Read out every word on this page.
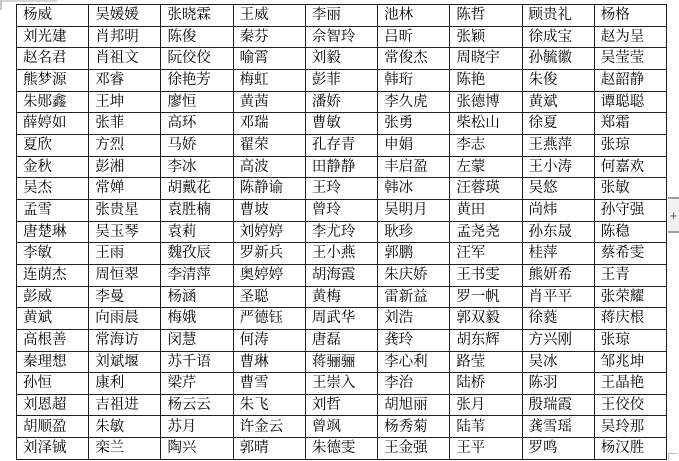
杨威	吴媛媛	张晓霖	王威	李丽	池林	陈哲	顾贵礼	杨格
刘光建	肖邦明	陈俊	秦芬	佘智玲	吕昕	张颖	徐成宝	赵为呈
赵名君	肖祖文	阮佼佼	喻霄	刘毅	常俊杰	周晓宇	孙毓徽	吴莹莹
熊梦源	邓睿	徐艳芳	梅虹	彭菲	韩珩	陈艳	朱俊	赵韶静
朱郧鑫	王坤	廖恒	黄茜	潘娇	李久虎	张德博	黄斌	谭聪聪
薛婷如	张菲	高环	邓瑞	曹敏	张勇	柴松山	徐夏	郑霜
夏欣	方烈	马娇	翟荣	孔存青	申娟	李志	王燕萍	张琼
金秋	彭湘	李冰	高波	田静静	丰启盈	左蒙	王小涛	何嘉欢
吴杰	常婵	胡戴花	陈静谕	王玲	韩冰	汪蓉瑛	吴悠	张敏
孟雪	张贵星	袁胜楠	曹坡	曾玲	吴明月	黄田	尚炜	孙守强
唐楚琳	吴玉琴	袁莉	刘婷婷	李尤玲	耿珍	孟尧尧	孙东晟	陈稳
李敏	王雨	魏孜辰	罗新兵	王小燕	郭鹏	汪军	桂萍	蔡希雯
连荫杰	周恒翠	李清萍	奥婷婷	胡海霞	朱庆娇	王书雯	熊妍希	王青
彭威	李曼	杨涵	圣聪	黄梅	雷新益	罗一帆	肖平平	张荣耀
黄斌	向雨晨	梅娥	严德钰	周武华	刘浩	郭双毅	徐蕤	蒋庆根
高根善	常海访	闵慧	何涛	唐磊	龚玲	胡东辉	方兴刚	张琼
秦理想	刘斌堰	苏千语	曹琳	蒋骊骊	李心利	路莹	吴冰	邹兆坤
孙恒	康利	梁芹	曹雪	王崇入	李治	陆桥	陈羽	王晶艳
刘恩超	吉祖进	杨云云	朱飞	刘哲	胡旭丽	张月	殷瑞霞	王佼佼
胡顺盈	朱敏	苏月	许金云	曾飒	杨秀菊	陆苇	龚雪瑶	吴玲那
刘泽铖	栾兰	陶兴	郭晴	朱德雯	王金强	王平	罗鸣	杨汉胜
+
